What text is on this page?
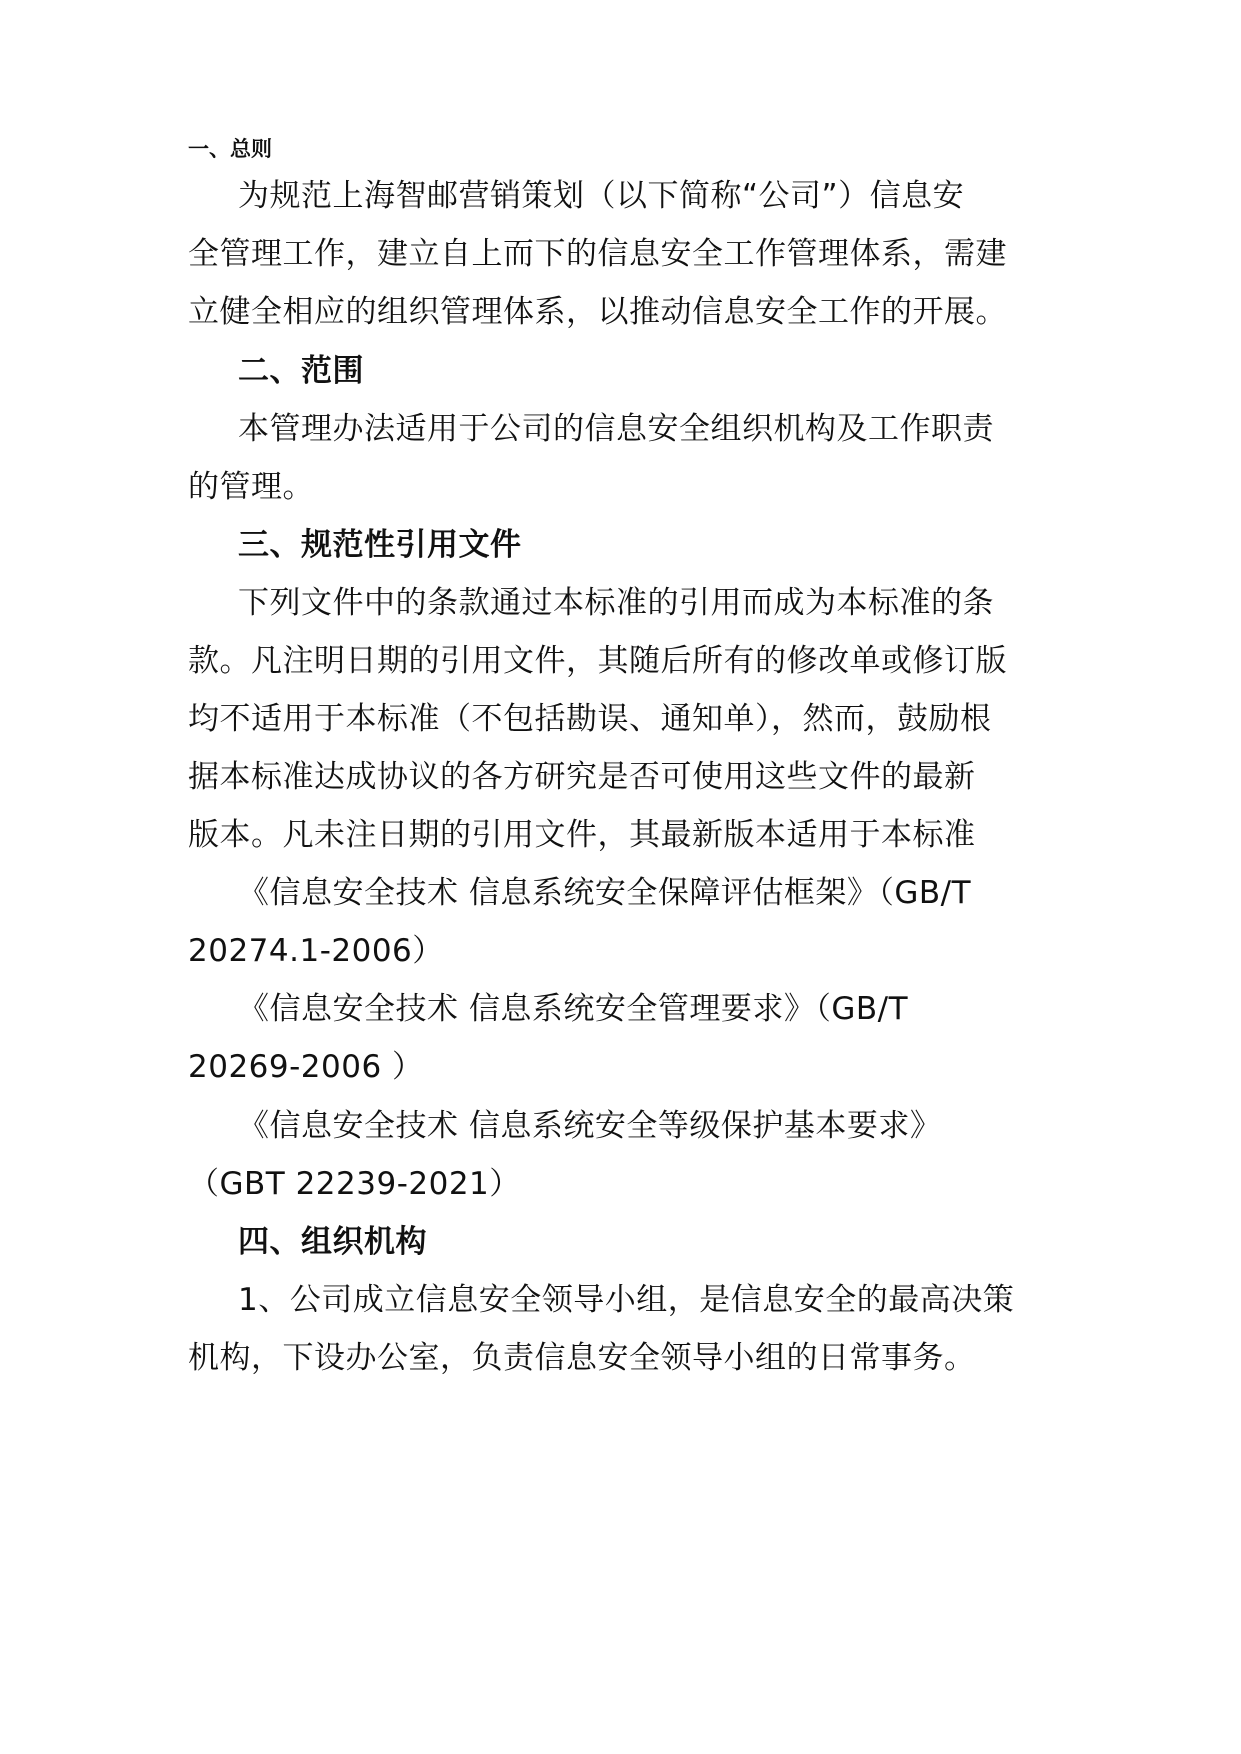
一、总则
为规范上海智邮营销策划（以下简称“公司”）信息安
全管理工作，建立自上而下的信息安全工作管理体系，需建
立健全相应的组织管理体系，以推动信息安全工作的开展。
二、范围
本管理办法适用于公司的信息安全组织机构及工作职责
的管理。
三、规范性引用文件
下列文件中的条款通过本标准的引用而成为本标准的条
款。凡注明日期的引用文件，其随后所有的修改单或修订版
均不适用于本标准（不包括勘误、通知单），然而，鼓励根
据本标准达成协议的各方研究是否可使用这些文件的最新
版本。凡未注日期的引用文件，其最新版本适用于本标准
《信息安全技术 信息系统安全保障评估框架》（GB/T
20274.1-2006）
《信息安全技术 信息系统安全管理要求》（GB/T
20269-2006 ）
《信息安全技术 信息系统安全等级保护基本要求》
（GBT 22239-2021）
四、组织机构
1、公司成立信息安全领导小组，是信息安全的最高决策
机构，下设办公室，负责信息安全领导小组的日常事务。
